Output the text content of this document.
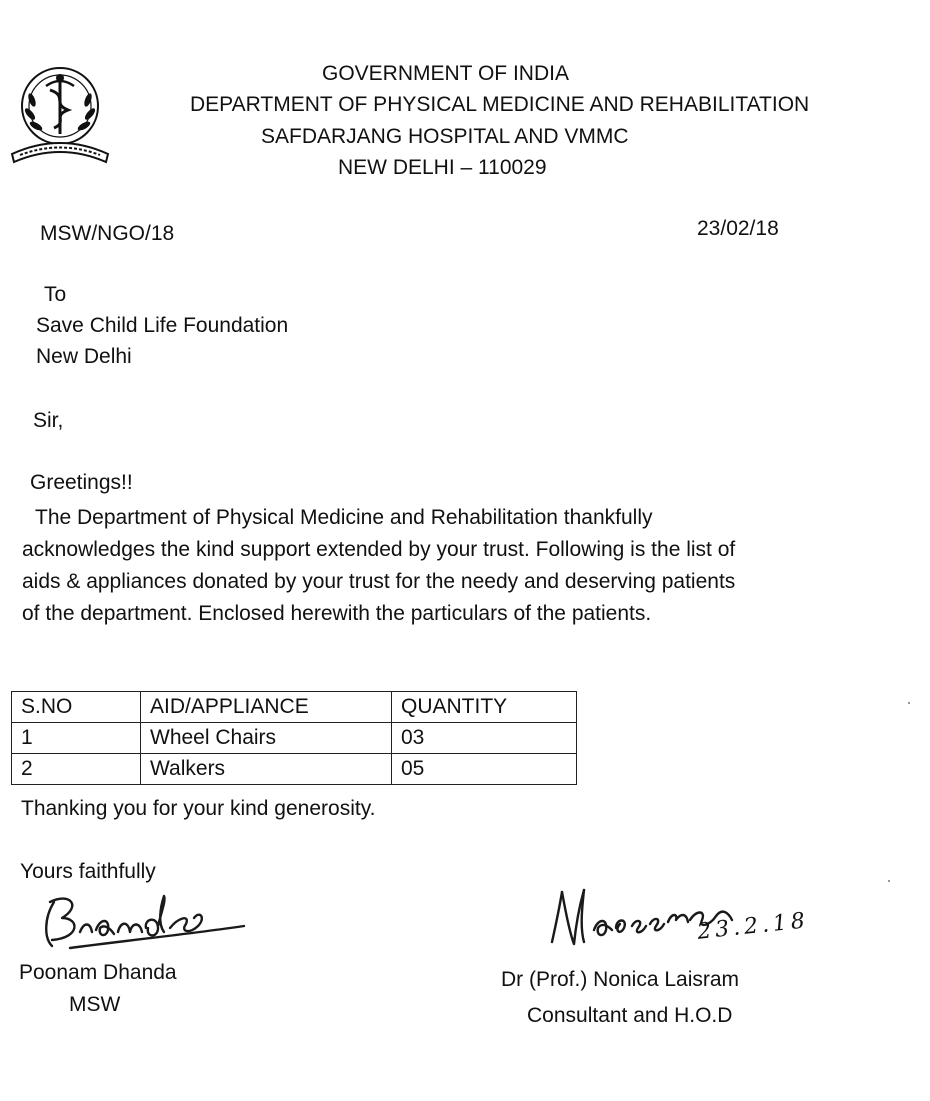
GOVERNMENT OF INDIA
DEPARTMENT OF PHYSICAL MEDICINE AND REHABILITATION
SAFDARJANG HOSPITAL AND VMMC
NEW DELHI – 110029
MSW/NGO/18	23/02/18
To
Save Child Life Foundation
New Delhi
Sir,
Greetings!!
The Department of Physical Medicine and Rehabilitation thankfully
acknowledges the kind support extended by your trust. Following is the list of
aids & appliances donated by your trust for the needy and deserving patients
of the department. Enclosed herewith the particulars of the patients.
S.NO	AID/APPLIANCE	QUANTITY
1	Wheel Chairs	03
2	Walkers	05
Thanking you for your kind generosity.
Yours faithfully
Poonam Dhanda
MSW
23.2.18
Dr (Prof.) Nonica Laisram
Consultant and H.O.D
